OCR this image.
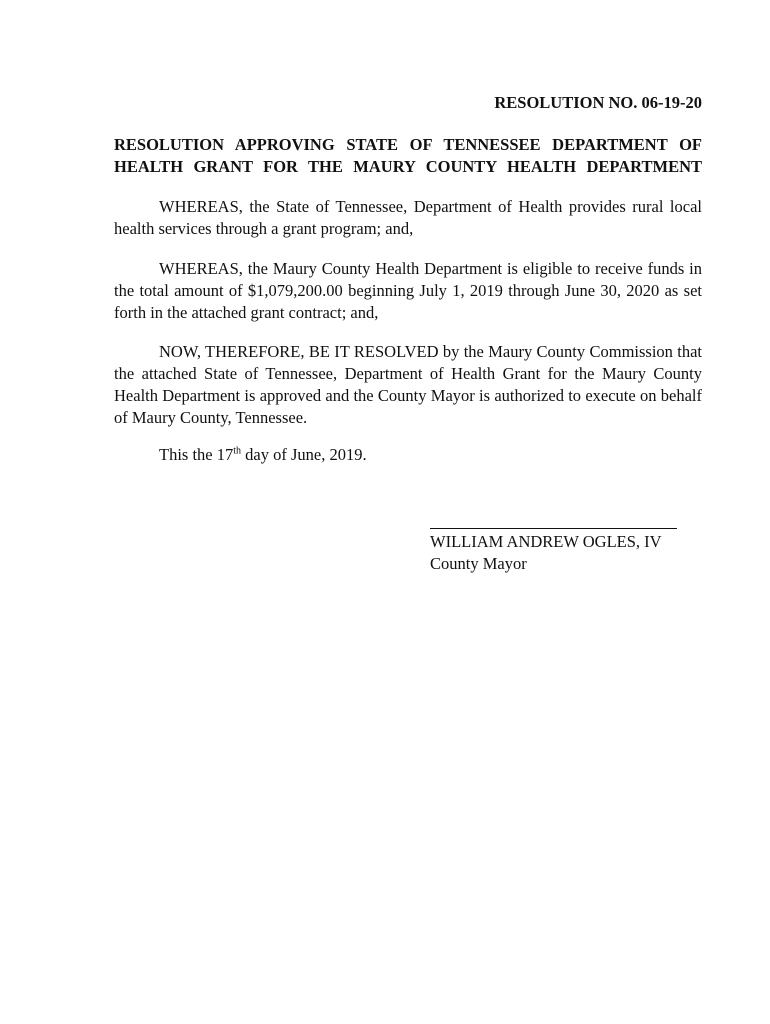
RESOLUTION NO. 06-19-20
RESOLUTION APPROVING STATE OF TENNESSEE DEPARTMENT OF
HEALTH GRANT FOR THE MAURY COUNTY HEALTH DEPARTMENT

WHEREAS, the State of Tennessee, Department of Health provides rural local health services through a grant program; and,

WHEREAS, the Maury County Health Department is eligible to receive funds in the total amount of $1,079,200.00 beginning July 1, 2019 through June 30, 2020 as set forth in the attached grant contract; and,

NOW, THEREFORE, BE IT RESOLVED by the Maury County Commission that the attached State of Tennessee, Department of Health Grant for the Maury County Health Department is approved and the County Mayor is authorized to execute on behalf of Maury County, Tennessee.

This the 17th day of June, 2019.
WILLIAM ANDREW OGLES, IV
County Mayor
